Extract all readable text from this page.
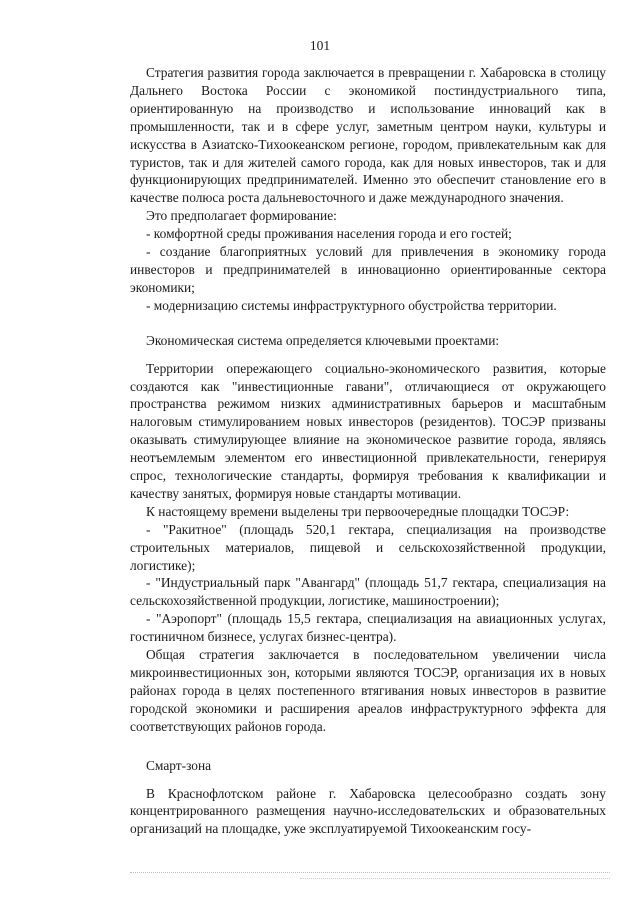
101

Стратегия развития города заключается в превращении г. Хабаровска в столицу Дальнего Востока России с экономикой постиндустриального типа, ориентированную на производство и использование инноваций как в промышленности, так и в сфере услуг, заметным центром науки, культуры и искусства в Азиатско-Тихоокеанском регионе, городом, привлекательным как для туристов, так и для жителей самого города, как для новых инвесторов, так и для функционирующих предпринимателей. Именно это обеспечит становление его в качестве полюса роста дальневосточного и даже международного значения.

Это предполагает формирование:

- комфортной среды проживания населения города и его гостей;

- создание благоприятных условий для привлечения в экономику города инвесторов и предпринимателей в инновационно ориентированные сектора экономики;

- модернизацию системы инфраструктурного обустройства территории.

Экономическая система определяется ключевыми проектами:

Территории опережающего социально-экономического развития, которые создаются как "инвестиционные гавани", отличающиеся от окружающего пространства режимом низких административных барьеров и масштабным налоговым стимулированием новых инвесторов (резидентов). ТОСЭР призваны оказывать стимулирующее влияние на экономическое развитие города, являясь неотъемлемым элементом его инвестиционной привлекательности, генерируя спрос, технологические стандарты, формируя требования к квалификации и качеству занятых, формируя новые стандарты мотивации.

К настоящему времени выделены три первоочередные площадки ТОСЭР:

- "Ракитное" (площадь 520,1 гектара, специализация на производстве строительных материалов, пищевой и сельскохозяйственной продукции, логистике);

- "Индустриальный парк "Авангард" (площадь 51,7 гектара, специализация на сельскохозяйственной продукции, логистике, машиностроении);

- "Аэропорт" (площадь 15,5 гектара, специализация на авиационных услугах, гостиничном бизнесе, услугах бизнес-центра).

Общая стратегия заключается в последовательном увеличении числа микроинвестиционных зон, которыми являются ТОСЭР, организация их в новых районах города в целях постепенного втягивания новых инвесторов в развитие городской экономики и расширения ареалов инфраструктурного эффекта для соответствующих районов города.

Смарт-зона

В Краснофлотском районе г. Хабаровска целесообразно создать зону концентрированного размещения научно-исследовательских и образовательных организаций на площадке, уже эксплуатируемой Тихоокеанским госу-
